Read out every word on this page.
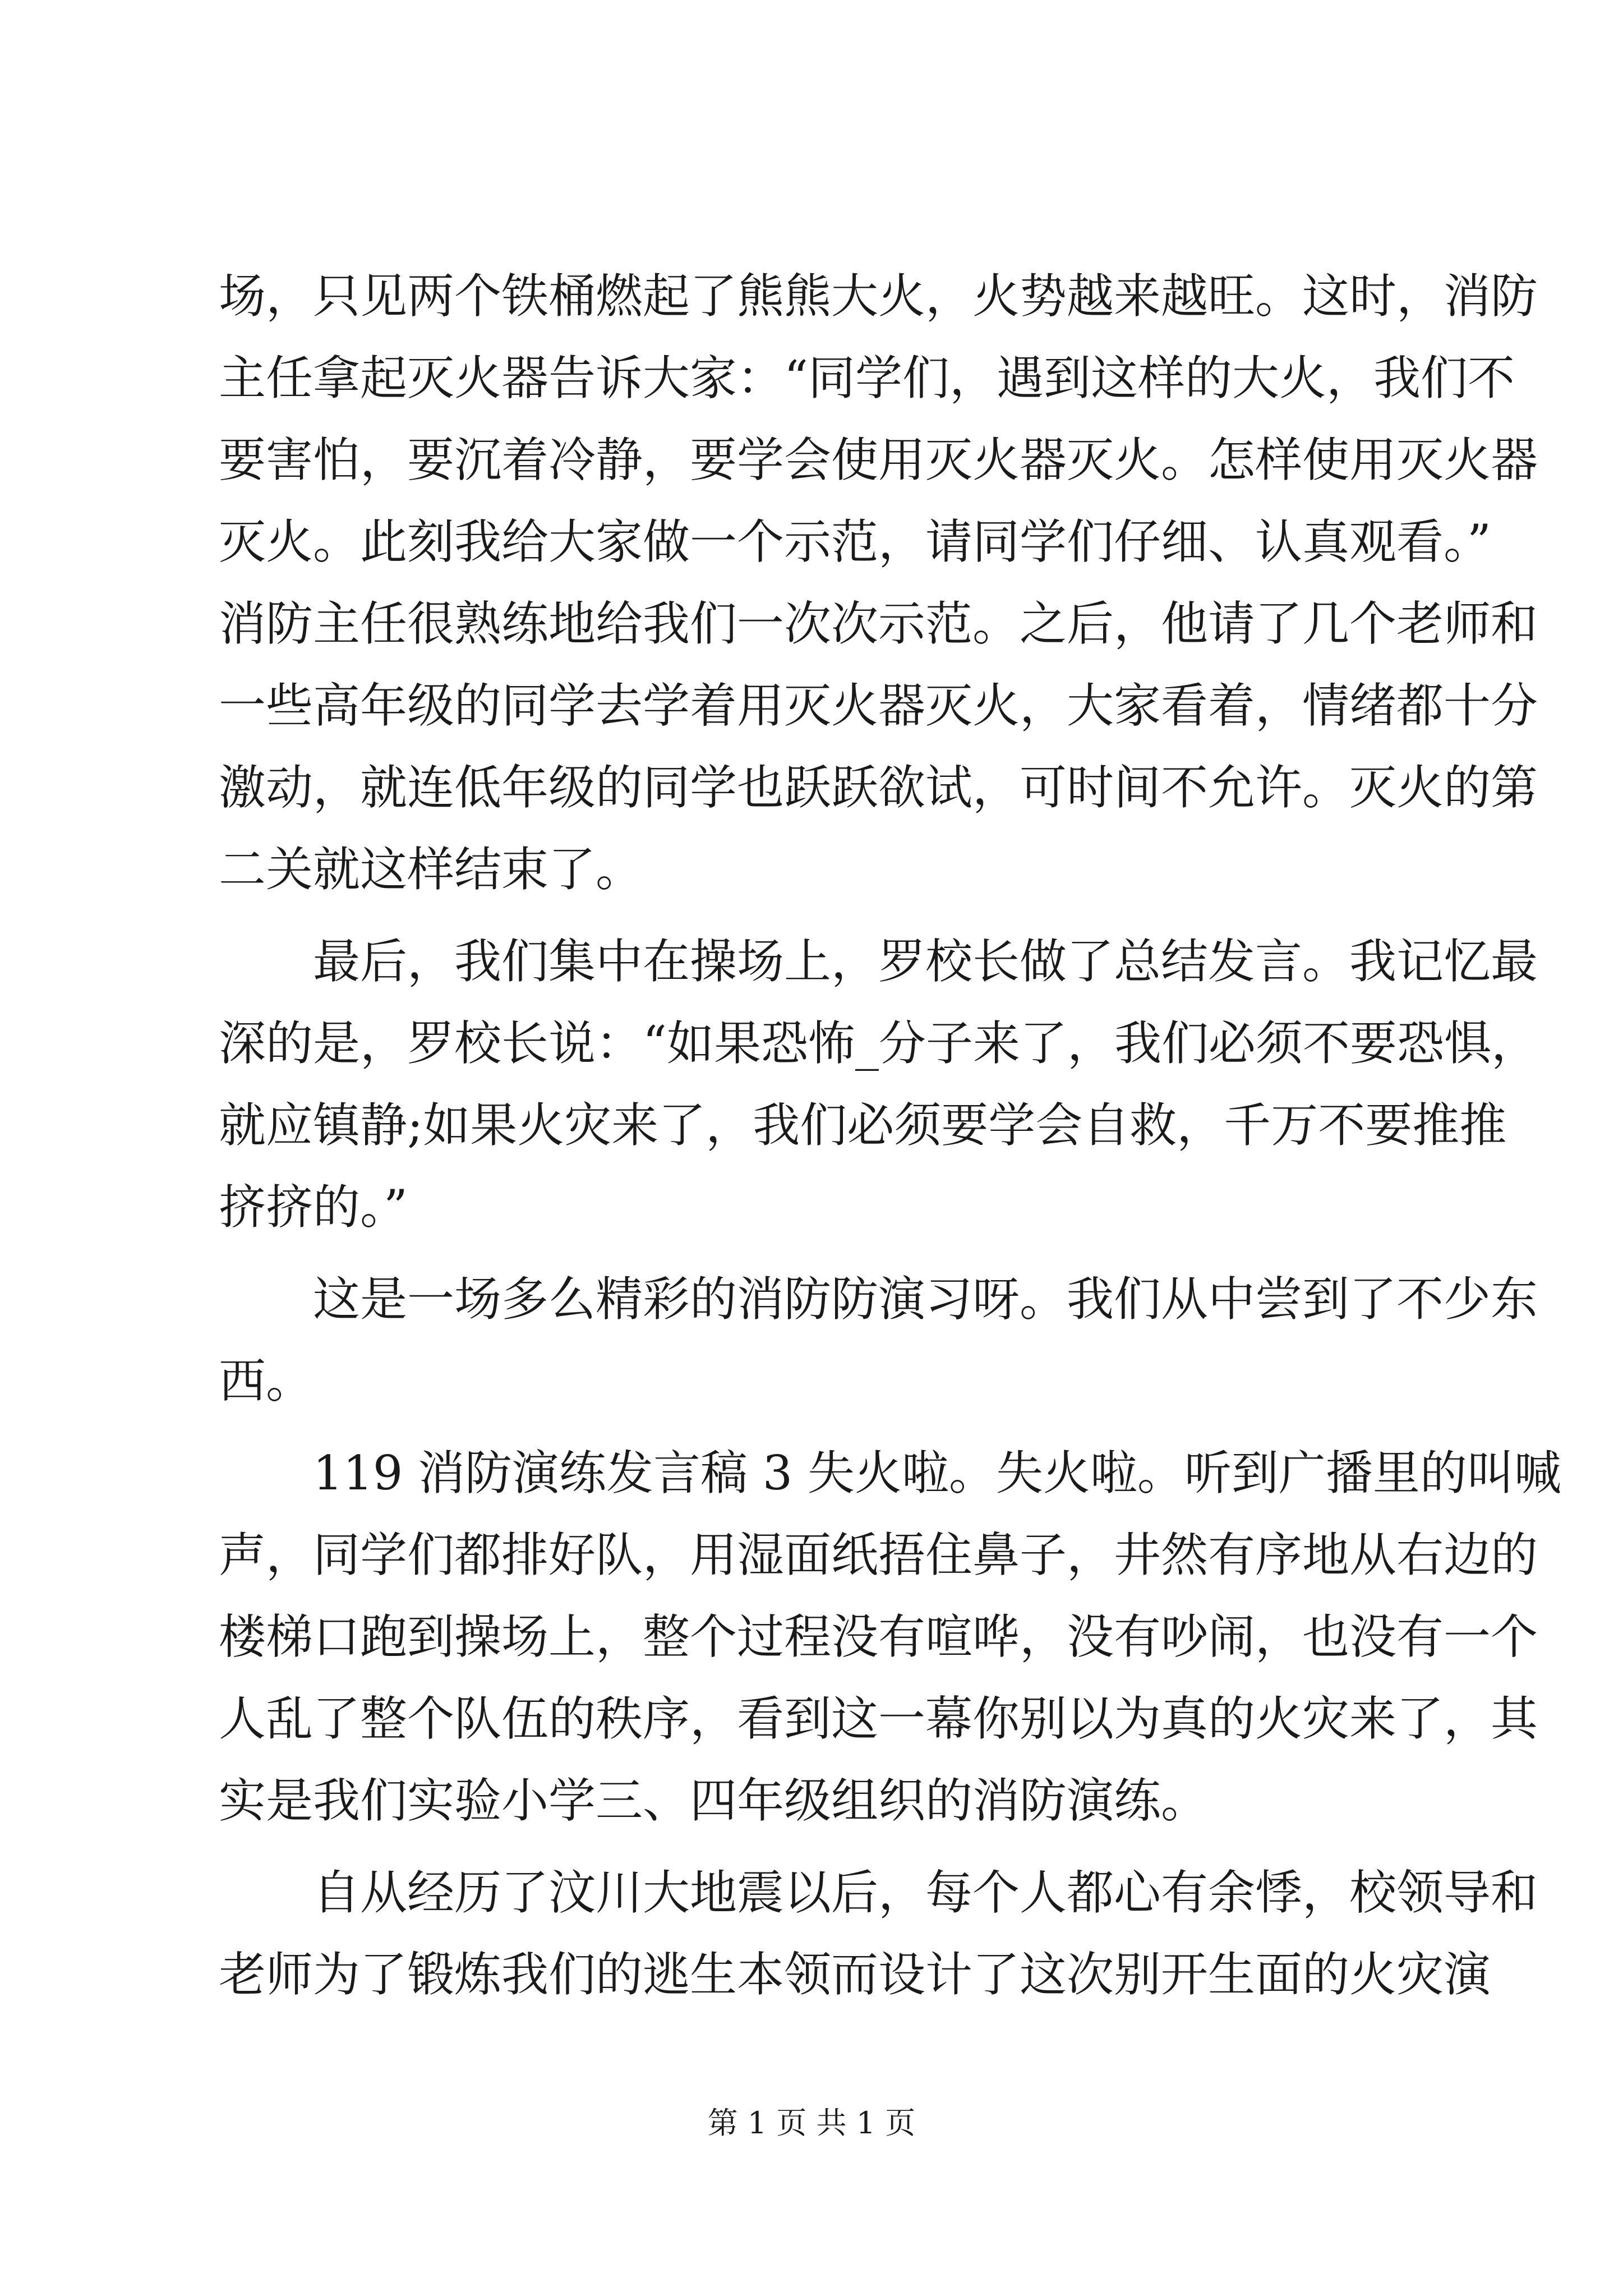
场，只见两个铁桶燃起了熊熊大火，火势越来越旺。这时，消防
主任拿起灭火器告诉大家：“同学们，遇到这样的大火，我们不
要害怕，要沉着冷静，要学会使用灭火器灭火。怎样使用灭火器
灭火。此刻我给大家做一个示范，请同学们仔细、认真观看。”
消防主任很熟练地给我们一次次示范。之后，他请了几个老师和
一些高年级的同学去学着用灭火器灭火，大家看着，情绪都十分
激动，就连低年级的同学也跃跃欲试，可时间不允许。灭火的第
二关就这样结束了。
　　最后，我们集中在操场上，罗校长做了总结发言。我记忆最
深的是，罗校长说：“如果恐怖_分子来了，我们必须不要恐惧，
就应镇静;如果火灾来了，我们必须要学会自救，千万不要推推
挤挤的。”
　　这是一场多么精彩的消防防演习呀。我们从中尝到了不少东
西。
　　119 消防演练发言稿 3 失火啦。失火啦。听到广播里的叫喊
声，同学们都排好队，用湿面纸捂住鼻子，井然有序地从右边的
楼梯口跑到操场上，整个过程没有喧哗，没有吵闹，也没有一个
人乱了整个队伍的秩序，看到这一幕你别以为真的火灾来了，其
实是我们实验小学三、四年级组织的消防演练。
　　自从经历了汶川大地震以后，每个人都心有余悸，校领导和
老师为了锻炼我们的逃生本领而设计了这次别开生面的火灾演
第 1 页 共 1 页
